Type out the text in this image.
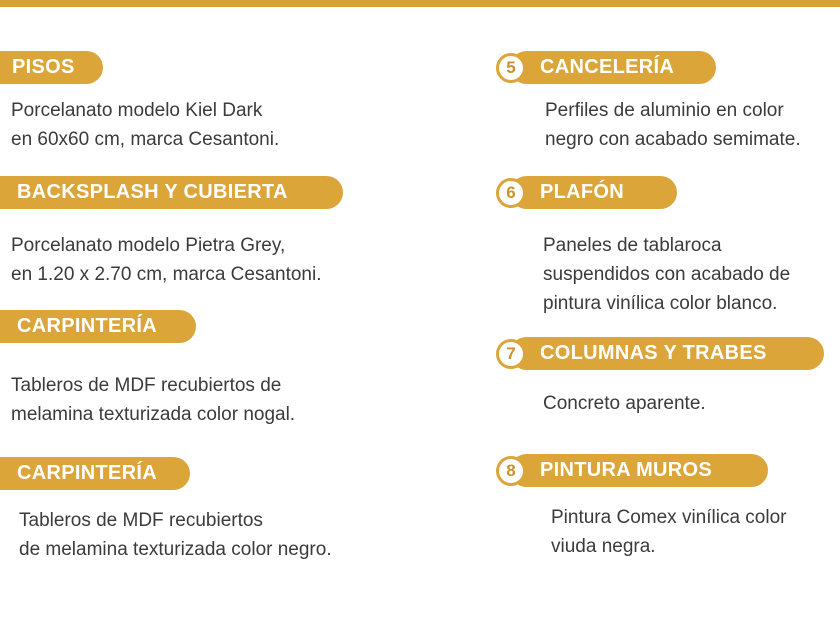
PISOS
Porcelanato modelo Kiel Dark
en 60x60 cm, marca Cesantoni.
BACKSPLASH Y CUBIERTA
Porcelanato modelo Pietra Grey,
en 1.20 x 2.70 cm, marca Cesantoni.
CARPINTERÍA
Tableros de MDF recubiertos de
melamina texturizada color nogal.
CARPINTERÍA
Tableros de MDF recubiertos
de melamina texturizada color negro.
CANCELERÍA
5
Perfiles de aluminio en color
negro con acabado semimate.
PLAFÓN
6
Paneles de tablaroca
suspendidos con acabado de
pintura vinílica color blanco.
COLUMNAS Y TRABES
7
Concreto aparente.
PINTURA MUROS
8
Pintura Comex vinílica color
viuda negra.
